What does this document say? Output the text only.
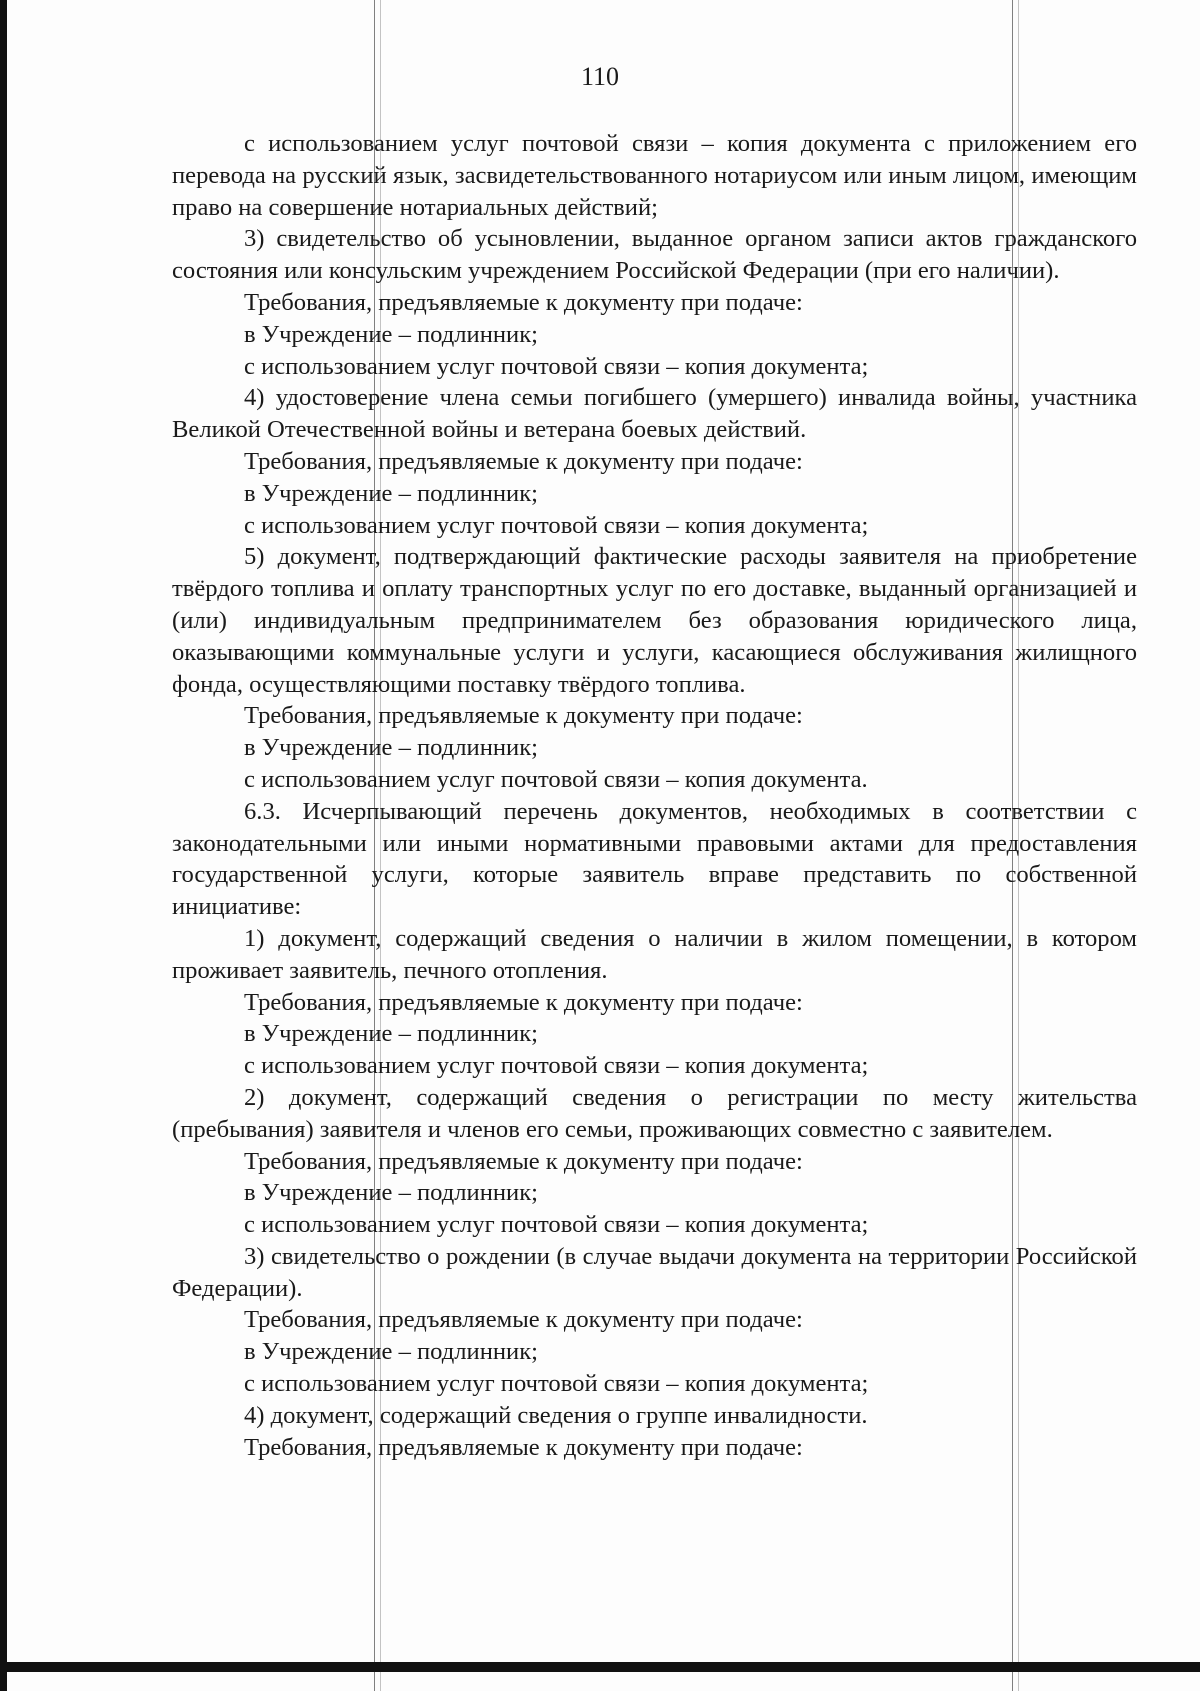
110

с использованием услуг почтовой связи – копия документа с приложением его перевода на русский язык, засвидетельствованного нотариусом или иным лицом, имеющим право на совершение нотариальных действий;

3) свидетельство об усыновлении, выданное органом записи актов гражданского состояния или консульским учреждением Российской Федерации (при его наличии).

Требования, предъявляемые к документу при подаче:

в Учреждение – подлинник;

с использованием услуг почтовой связи – копия документа;

4) удостоверение члена семьи погибшего (умершего) инвалида войны, участника Великой Отечественной войны и ветерана боевых действий.

Требования, предъявляемые к документу при подаче:

в Учреждение – подлинник;

с использованием услуг почтовой связи – копия документа;

5) документ, подтверждающий фактические расходы заявителя на приобретение твёрдого топлива и оплату транспортных услуг по его доставке, выданный организацией и (или) индивидуальным предпринимателем без образования юридического лица, оказывающими коммунальные услуги и услуги, касающиеся обслуживания жилищного фонда, осуществляющими поставку твёрдого топлива.

Требования, предъявляемые к документу при подаче:

в Учреждение – подлинник;

с использованием услуг почтовой связи – копия документа.

6.3. Исчерпывающий перечень документов, необходимых в соответствии с законодательными или иными нормативными правовыми актами для предоставления государственной услуги, которые заявитель вправе представить по собственной инициативе:

1) документ, содержащий сведения о наличии в жилом помещении, в котором проживает заявитель, печного отопления.

Требования, предъявляемые к документу при подаче:

в Учреждение – подлинник;

с использованием услуг почтовой связи – копия документа;

2) документ, содержащий сведения о регистрации по месту жительства (пребывания) заявителя и членов его семьи, проживающих совместно с заявителем.

Требования, предъявляемые к документу при подаче:

в Учреждение – подлинник;

с использованием услуг почтовой связи – копия документа;

3) свидетельство о рождении (в случае выдачи документа на территории Российской Федерации).

Требования, предъявляемые к документу при подаче:

в Учреждение – подлинник;

с использованием услуг почтовой связи – копия документа;

4) документ, содержащий сведения о группе инвалидности.

Требования, предъявляемые к документу при подаче:
